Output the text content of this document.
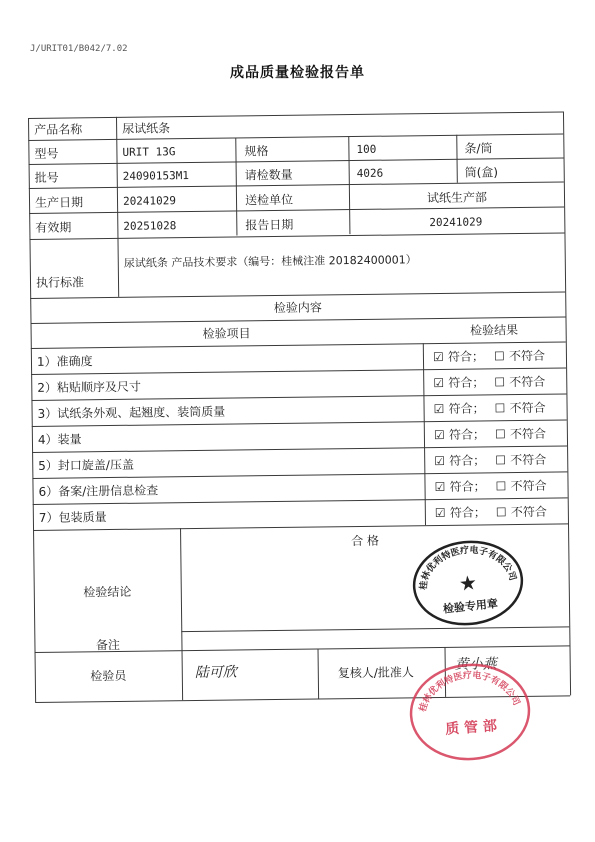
J/URIT01/B042/7.02
成品质量检验报告单
产品名称	尿试纸条
型号	URIT 13G	规格	100	条/筒
批号	24090153M1	请检数量	4026	筒(盒)
生产日期	20241029	送检单位	试纸生产部
有效期	20251028	报告日期	20241029
执行标准
尿试纸条 产品技术要求（编号：桂械注准 20182400001）
检验内容
检验项目	检验结果
1）准确度	☑ 符合； ☐ 不符合
2）粘贴顺序及尺寸	☑ 符合； ☐ 不符合
3）试纸条外观、起翘度、装筒质量	☑ 符合； ☐ 不符合
4）装量	☑ 符合； ☐ 不符合
5）封口旋盖/压盖	☑ 符合； ☐ 不符合
6）备案/注册信息检查	☑ 符合； ☐ 不符合
7）包装质量	☑ 符合； ☐ 不符合
检验结论
合 格
备注
检验员	陆可欣	复核人/批准人	黄小燕
桂林优利特医疗电子有限公司
★
检验专用章
桂林优利特医疗电子有限公司
质 管 部
